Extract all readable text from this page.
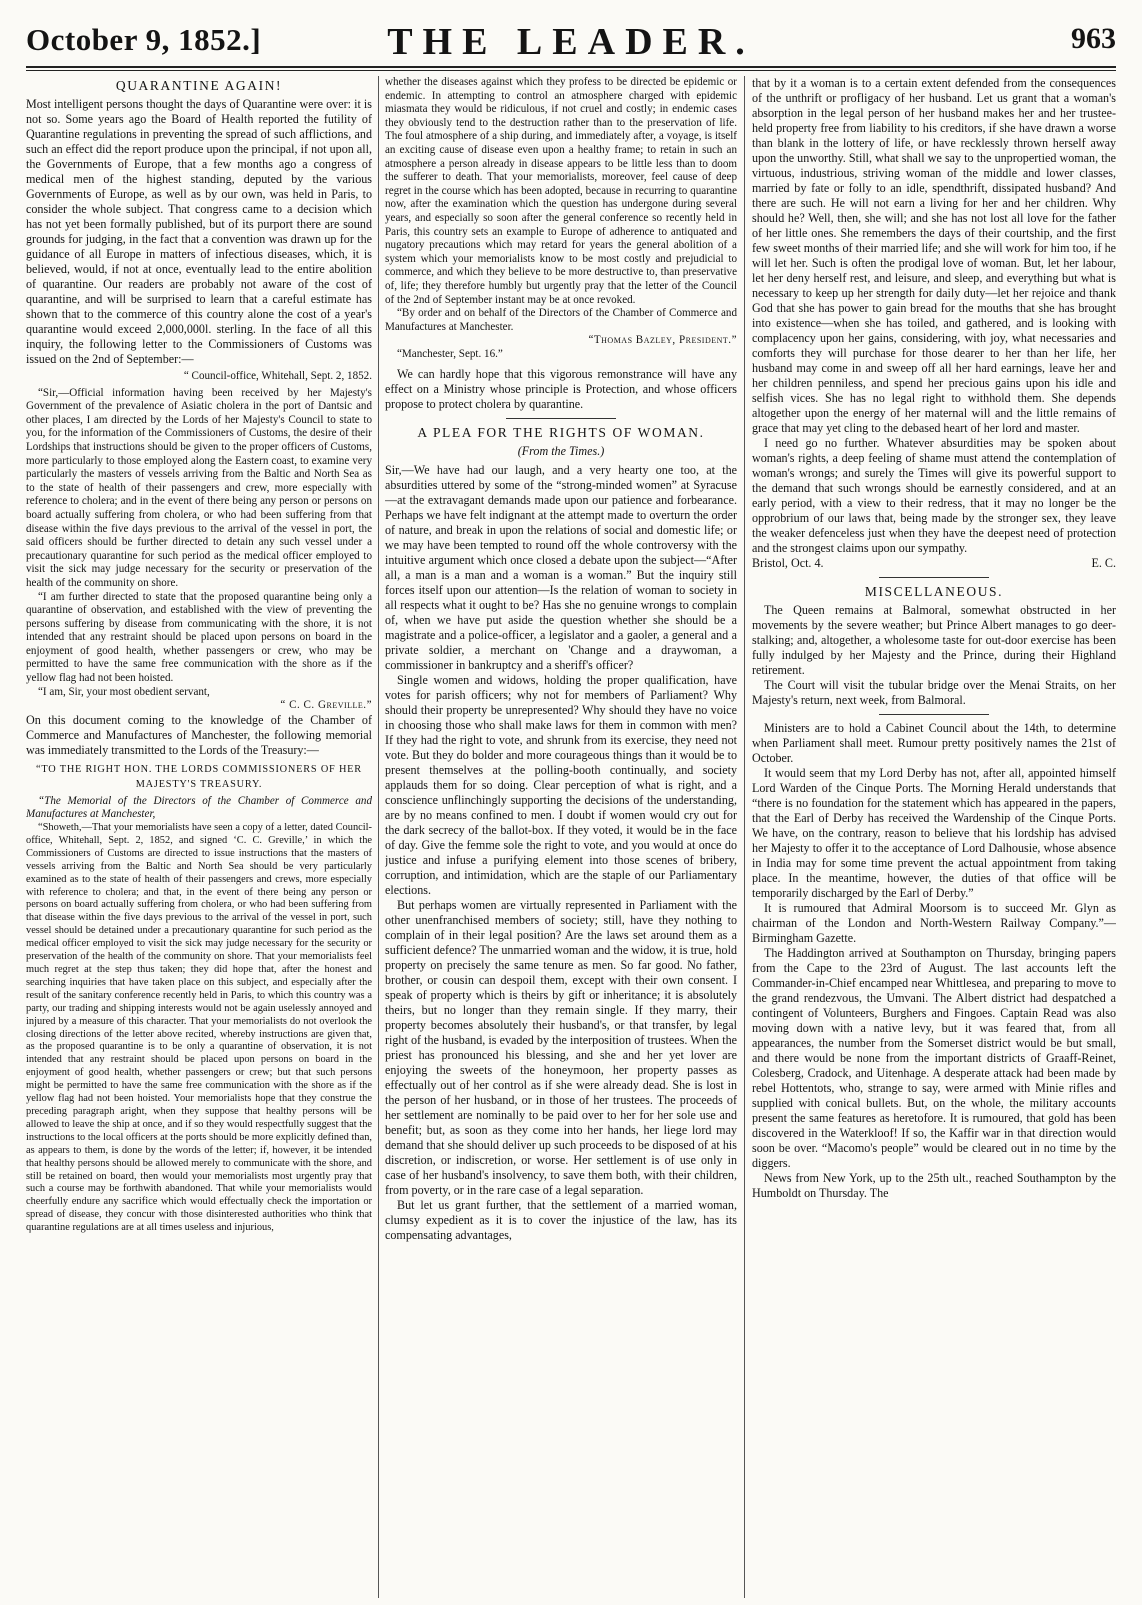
October 9, 1852.]	THE LEADER.	963
QUARANTINE AGAIN!

Most intelligent persons thought the days of Quarantine were over: it is not so. Some years ago the Board of Health reported the futility of Quarantine regulations in preventing the spread of such afflictions, and such an effect did the report produce upon the principal, if not upon all, the Governments of Europe, that a few months ago a congress of medical men of the highest standing, deputed by the various Governments of Europe, as well as by our own, was held in Paris, to consider the whole subject. That congress came to a decision which has not yet been formally published, but of its purport there are sound grounds for judging, in the fact that a convention was drawn up for the guidance of all Europe in matters of infectious diseases, which, it is believed, would, if not at once, eventually lead to the entire abolition of quarantine. Our readers are probably not aware of the cost of quarantine, and will be surprised to learn that a careful estimate has shown that to the commerce of this country alone the cost of a year's quarantine would exceed 2,000,000l. sterling. In the face of all this inquiry, the following letter to the Commissioners of Customs was issued on the 2nd of September:—

“ Council-office, Whitehall, Sept. 2, 1852.

“Sir,—Official information having been received by her Majesty's Government of the prevalence of Asiatic cholera in the port of Dantsic and other places, I am directed by the Lords of her Majesty's Council to state to you, for the information of the Commissioners of Customs, the desire of their Lordships that instructions should be given to the proper officers of Customs, more particularly to those employed along the Eastern coast, to examine very particularly the masters of vessels arriving from the Baltic and North Sea as to the state of health of their passengers and crew, more especially with reference to cholera; and in the event of there being any person or persons on board actually suffering from cholera, or who had been suffering from that disease within the five days previous to the arrival of the vessel in port, the said officers should be further directed to detain any such vessel under a precautionary quarantine for such period as the medical officer employed to visit the sick may judge necessary for the security or preservation of the health of the community on shore.

“I am further directed to state that the proposed quarantine being only a quarantine of observation, and established with the view of preventing the persons suffering by disease from communicating with the shore, it is not intended that any restraint should be placed upon persons on board in the enjoyment of good health, whether passengers or crew, who may be permitted to have the same free communication with the shore as if the yellow flag had not been hoisted.

“I am, Sir, your most obedient servant,

“ C. C. Greville.”

On this document coming to the knowledge of the Chamber of Commerce and Manufactures of Manchester, the following memorial was immediately transmitted to the Lords of the Treasury:—

“TO THE RIGHT HON. THE LORDS COMMISSIONERS OF HER MAJESTY'S TREASURY.

“The Memorial of the Directors of the Chamber of Commerce and Manufactures at Manchester,

“Showeth,—That your memorialists have seen a copy of a letter, dated Council-office, Whitehall, Sept. 2, 1852, and signed ‘C. C. Greville,’ in which the Commissioners of Customs are directed to issue instructions that the masters of vessels arriving from the Baltic and North Sea should be very particularly examined as to the state of health of their passengers and crews, more especially with reference to cholera; and that, in the event of there being any person or persons on board actually suffering from cholera, or who had been suffering from that disease within the five days previous to the arrival of the vessel in port, such vessel should be detained under a precautionary quarantine for such period as the medical officer employed to visit the sick may judge necessary for the security or preservation of the health of the community on shore. That your memorialists feel much regret at the step thus taken; they did hope that, after the honest and searching inquiries that have taken place on this subject, and especially after the result of the sanitary conference recently held in Paris, to which this country was a party, our trading and shipping interests would not be again uselessly annoyed and injured by a measure of this character. That your memorialists do not overlook the closing directions of the letter above recited, whereby instructions are given that, as the proposed quarantine is to be only a quarantine of observation, it is not intended that any restraint should be placed upon persons on board in the enjoyment of good health, whether passengers or crew; but that such persons might be permitted to have the same free communication with the shore as if the yellow flag had not been hoisted. Your memorialists hope that they construe the preceding paragraph aright, when they suppose that healthy persons will be allowed to leave the ship at once, and if so they would respectfully suggest that the instructions to the local officers at the ports should be more explicitly defined than, as appears to them, is done by the words of the letter; if, however, it be intended that healthy persons should be allowed merely to communicate with the shore, and still be retained on board, then would your memorialists most urgently pray that such a course may be forthwith abandoned. That while your memorialists would cheerfully endure any sacrifice which would effectually check the importation or spread of disease, they concur with those disinterested authorities who think that quarantine regulations are at all times useless and injurious,

whether the diseases against which they profess to be directed be epidemic or endemic. In attempting to control an atmosphere charged with epidemic miasmata they would be ridiculous, if not cruel and costly; in endemic cases they obviously tend to the destruction rather than to the preservation of life. The foul atmosphere of a ship during, and immediately after, a voyage, is itself an exciting cause of disease even upon a healthy frame; to retain in such an atmosphere a person already in disease appears to be little less than to doom the sufferer to death. That your memorialists, moreover, feel cause of deep regret in the course which has been adopted, because in recurring to quarantine now, after the examination which the question has undergone during several years, and especially so soon after the general conference so recently held in Paris, this country sets an example to Europe of adherence to antiquated and nugatory precautions which may retard for years the general abolition of a system which your memorialists know to be most costly and prejudicial to commerce, and which they believe to be more destructive to, than preservative of, life; they therefore humbly but urgently pray that the letter of the Council of the 2nd of September instant may be at once revoked.

“By order and on behalf of the Directors of the Chamber of Commerce and Manufactures at Manchester.

“Thomas Bazley, President.”

“Manchester, Sept. 16.”

We can hardly hope that this vigorous remonstrance will have any effect on a Ministry whose principle is Protection, and whose officers propose to protect cholera by quarantine.

A PLEA FOR THE RIGHTS OF WOMAN.
(From the Times.)

Sir,—We have had our laugh, and a very hearty one too, at the absurdities uttered by some of the “strong-minded women” at Syracuse—at the extravagant demands made upon our patience and forbearance. Perhaps we have felt indignant at the attempt made to overturn the order of nature, and break in upon the relations of social and domestic life; or we may have been tempted to round off the whole controversy with the intuitive argument which once closed a debate upon the subject—“After all, a man is a man and a woman is a woman.” But the inquiry still forces itself upon our attention—Is the relation of woman to society in all respects what it ought to be? Has she no genuine wrongs to complain of, when we have put aside the question whether she should be a magistrate and a police-officer, a legislator and a gaoler, a general and a private soldier, a merchant on 'Change and a draywoman, a commissioner in bankruptcy and a sheriff's officer?

Single women and widows, holding the proper qualification, have votes for parish officers; why not for members of Parliament? Why should their property be unrepresented? Why should they have no voice in choosing those who shall make laws for them in common with men? If they had the right to vote, and shrunk from its exercise, they need not vote. But they do bolder and more courageous things than it would be to present themselves at the polling-booth continually, and society applauds them for so doing. Clear perception of what is right, and a conscience unflinchingly supporting the decisions of the understanding, are by no means confined to men. I doubt if women would cry out for the dark secrecy of the ballot-box. If they voted, it would be in the face of day. Give the femme sole the right to vote, and you would at once do justice and infuse a purifying element into those scenes of bribery, corruption, and intimidation, which are the staple of our Parliamentary elections.

But perhaps women are virtually represented in Parliament with the other unenfranchised members of society; still, have they nothing to complain of in their legal position? Are the laws set around them as a sufficient defence? The unmarried woman and the widow, it is true, hold property on precisely the same tenure as men. So far good. No father, brother, or cousin can despoil them, except with their own consent. I speak of property which is theirs by gift or inheritance; it is absolutely theirs, but no longer than they remain single. If they marry, their property becomes absolutely their husband's, or that transfer, by legal right of the husband, is evaded by the interposition of trustees. When the priest has pronounced his blessing, and she and her yet lover are enjoying the sweets of the honeymoon, her property passes as effectually out of her control as if she were already dead. She is lost in the person of her husband, or in those of her trustees. The proceeds of her settlement are nominally to be paid over to her for her sole use and benefit; but, as soon as they come into her hands, her liege lord may demand that she should deliver up such proceeds to be disposed of at his discretion, or indiscretion, or worse. Her settlement is of use only in case of her husband's insolvency, to save them both, with their children, from poverty, or in the rare case of a legal separation.

But let us grant further, that the settlement of a married woman, clumsy expedient as it is to cover the injustice of the law, has its compensating advantages,

that by it a woman is to a certain extent defended from the consequences of the unthrift or profligacy of her husband. Let us grant that a woman's absorption in the legal person of her husband makes her and her trustee-held property free from liability to his creditors, if she have drawn a worse than blank in the lottery of life, or have recklessly thrown herself away upon the unworthy. Still, what shall we say to the unpropertied woman, the virtuous, industrious, striving woman of the middle and lower classes, married by fate or folly to an idle, spendthrift, dissipated husband? And there are such. He will not earn a living for her and her children. Why should he? Well, then, she will; and she has not lost all love for the father of her little ones. She remembers the days of their courtship, and the first few sweet months of their married life; and she will work for him too, if he will let her. Such is often the prodigal love of woman. But, let her labour, let her deny herself rest, and leisure, and sleep, and everything but what is necessary to keep up her strength for daily duty—let her rejoice and thank God that she has power to gain bread for the mouths that she has brought into existence—when she has toiled, and gathered, and is looking with complacency upon her gains, considering, with joy, what necessaries and comforts they will purchase for those dearer to her than her life, her husband may come in and sweep off all her hard earnings, leave her and her children penniless, and spend her precious gains upon his idle and selfish vices. She has no legal right to withhold them. She depends altogether upon the energy of her maternal will and the little remains of grace that may yet cling to the debased heart of her lord and master.

I need go no further. Whatever absurdities may be spoken about woman's rights, a deep feeling of shame must attend the contemplation of woman's wrongs; and surely the Times will give its powerful support to the demand that such wrongs should be earnestly considered, and at an early period, with a view to their redress, that it may no longer be the opprobrium of our laws that, being made by the stronger sex, they leave the weaker defenceless just when they have the deepest need of protection and the strongest claims upon our sympathy.

Bristol, Oct. 4.	E. C.
MISCELLANEOUS.

The Queen remains at Balmoral, somewhat obstructed in her movements by the severe weather; but Prince Albert manages to go deer-stalking; and, altogether, a wholesome taste for out-door exercise has been fully indulged by her Majesty and the Prince, during their Highland retirement.

The Court will visit the tubular bridge over the Menai Straits, on her Majesty's return, next week, from Balmoral.

Ministers are to hold a Cabinet Council about the 14th, to determine when Parliament shall meet. Rumour pretty positively names the 21st of October.

It would seem that my Lord Derby has not, after all, appointed himself Lord Warden of the Cinque Ports. The Morning Herald understands that “there is no foundation for the statement which has appeared in the papers, that the Earl of Derby has received the Wardenship of the Cinque Ports. We have, on the contrary, reason to believe that his lordship has advised her Majesty to offer it to the acceptance of Lord Dalhousie, whose absence in India may for some time prevent the actual appointment from taking place. In the meantime, however, the duties of that office will be temporarily discharged by the Earl of Derby.”

It is rumoured that Admiral Moorsom is to succeed Mr. Glyn as chairman of the London and North-Western Railway Company.”—Birmingham Gazette.

The Haddington arrived at Southampton on Thursday, bringing papers from the Cape to the 23rd of August. The last accounts left the Commander-in-Chief encamped near Whittlesea, and preparing to move to the grand rendezvous, the Umvani. The Albert district had despatched a contingent of Volunteers, Burghers and Fingoes. Captain Read was also moving down with a native levy, but it was feared that, from all appearances, the number from the Somerset district would be but small, and there would be none from the important districts of Graaff-Reinet, Colesberg, Cradock, and Uitenhage. A desperate attack had been made by rebel Hottentots, who, strange to say, were armed with Minie rifles and supplied with conical bullets. But, on the whole, the military accounts present the same features as heretofore. It is rumoured, that gold has been discovered in the Waterkloof! If so, the Kaffir war in that direction would soon be over. “Macomo's people” would be cleared out in no time by the diggers.

News from New York, up to the 25th ult., reached Southampton by the Humboldt on Thursday. The
